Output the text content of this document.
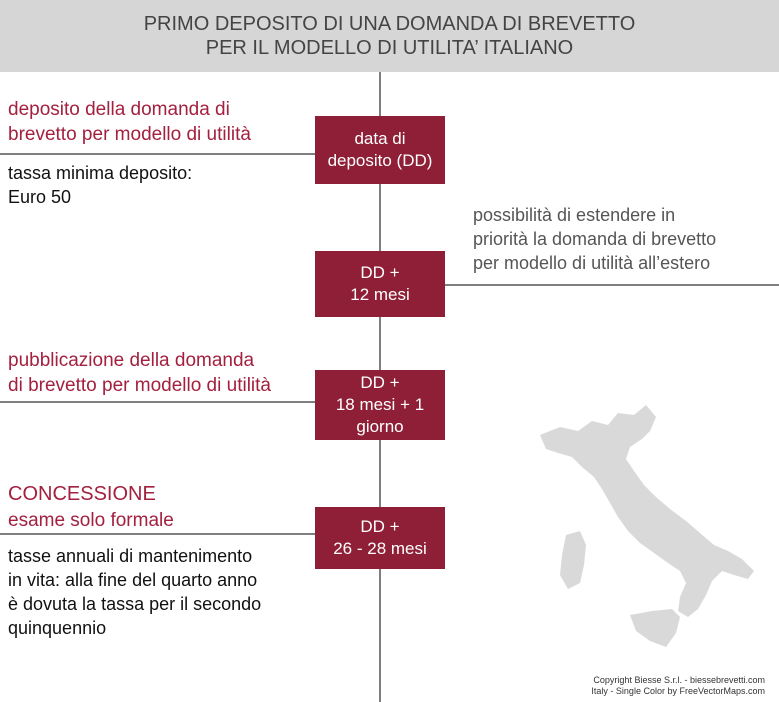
PRIMO DEPOSITO DI UNA DOMANDA DI BREVETTO
PER IL MODELLO DI UTILITA’ ITALIANO
data di
deposito (DD)
DD +
12 mesi
DD +
18 mesi + 1
giorno
DD +
26 - 28 mesi
deposito della domanda di
brevetto per modello di utilità
tassa minima deposito:
Euro 50
possibilità di estendere in
priorità la domanda di brevetto
per modello di utilità all’estero
pubblicazione della domanda
di brevetto per modello di utilità
CONCESSIONE
esame solo formale
tasse annuali di mantenimento
in vita: alla fine del quarto anno
è dovuta la tassa per il secondo
quinquennio
Copyright Biesse S.r.l. - biessebrevetti.com
Italy - Single Color by FreeVectorMaps.com
